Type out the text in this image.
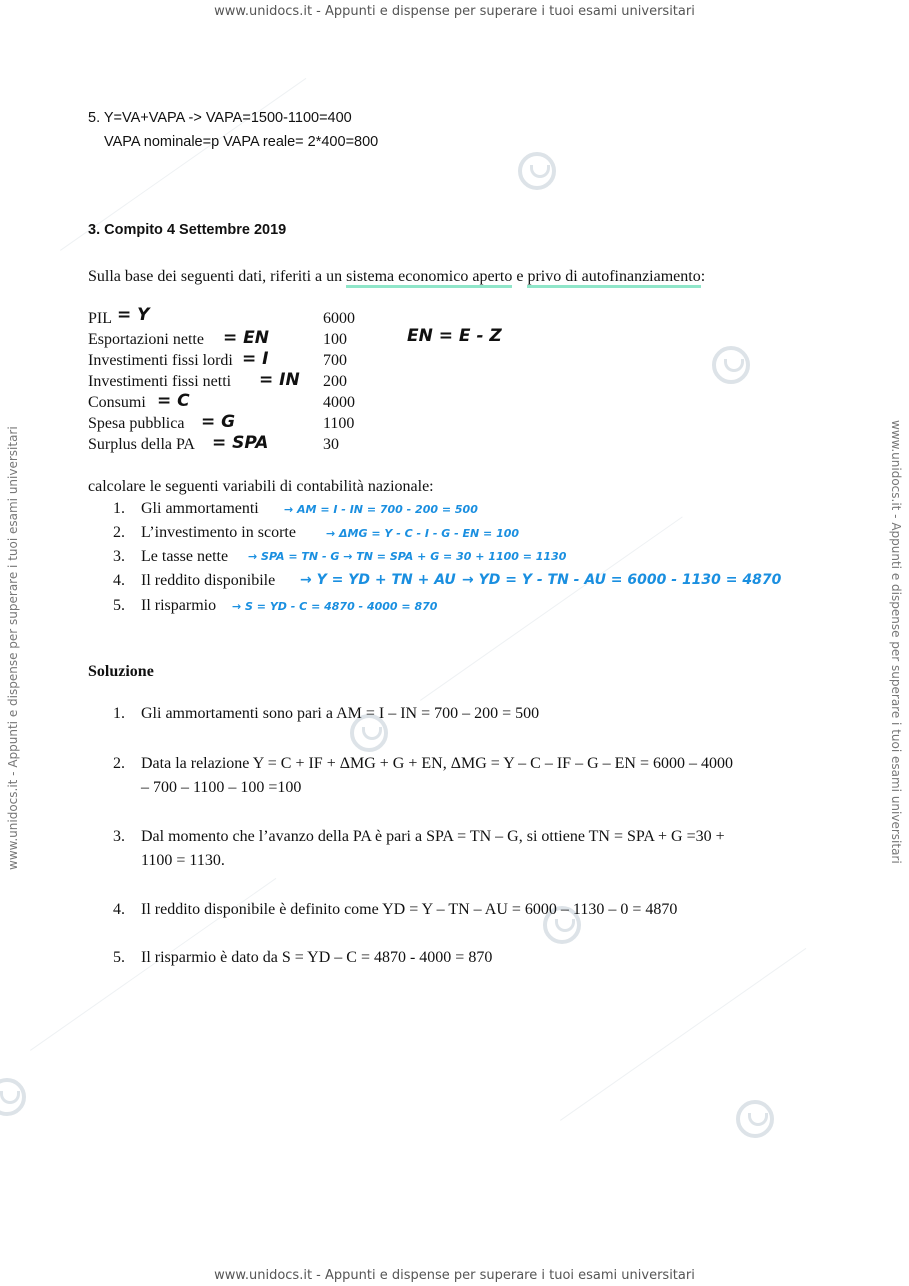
www.unidocs.it - Appunti e dispense per superare i tuoi esami universitari
www.unidocs.it - Appunti e dispense per superare i tuoi esami universitari
www.unidocs.it - Appunti e dispense per superare i tuoi esami universitari	www.unidocs.it - Appunti e dispense per superare i tuoi esami universitari
5. Y=VA+VAPA -> VAPA=1500-1100=400
VAPA nominale=p VAPA reale= 2*400=800
3. Compito 4 Settembre 2019
Sulla base dei seguenti dati, riferiti a un sistema economico aperto e privo di autofinanziamento:
PIL = Y	6000
Esportazioni nette = EN	100
Investimenti fissi lordi = I	700
Investimenti fissi netti = IN 200
Consumi = C	4000
Spesa pubblica = G	1100
Surplus della PA = SPA	30
EN = E - Z
calcolare le seguenti variabili di contabilità nazionale:
1. Gli ammortamenti → AM = I - IN = 700 - 200 = 500
2. L’investimento in scorte	→ ΔMG = Y - C - I - G - EN = 100
3. Le tasse nette → SPA = TN - G → TN = SPA + G = 30 + 1100 = 1130
4. Il reddito disponibile → Y = YD + TN + AU → YD = Y - TN - AU = 6000 - 1130 = 4870
5. Il risparmio → S = YD - C = 4870 - 4000 = 870
Soluzione
1. Gli ammortamenti sono pari a AM = I – IN = 700 – 200 = 500
2. Data la relazione Y = C + IF + ΔMG + G + EN, ΔMG = Y – C – IF – G – EN = 6000 – 4000
– 700 – 1100 – 100 =100
3. Dal momento che l’avanzo della PA è pari a SPA = TN – G, si ottiene TN = SPA + G =30 +
1100 = 1130.
4. Il reddito disponibile è definito come YD = Y – TN – AU = 6000 – 1130 – 0 = 4870
5. Il risparmio è dato da S = YD – C = 4870 - 4000 = 870
